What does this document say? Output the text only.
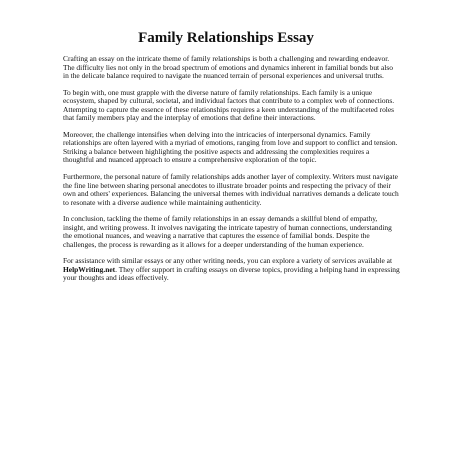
Family Relationships Essay

Crafting an essay on the intricate theme of family relationships is both a challenging and rewarding endeavor. The difficulty lies not only in the broad spectrum of emotions and dynamics inherent in familial bonds but also in the delicate balance required to navigate the nuanced terrain of personal experiences and universal truths.

To begin with, one must grapple with the diverse nature of family relationships. Each family is a unique ecosystem, shaped by cultural, societal, and individual factors that contribute to a complex web of connections. Attempting to capture the essence of these relationships requires a keen understanding of the multifaceted roles that family members play and the interplay of emotions that define their interactions.

Moreover, the challenge intensifies when delving into the intricacies of interpersonal dynamics. Family relationships are often layered with a myriad of emotions, ranging from love and support to conflict and tension. Striking a balance between highlighting the positive aspects and addressing the complexities requires a thoughtful and nuanced approach to ensure a comprehensive exploration of the topic.

Furthermore, the personal nature of family relationships adds another layer of complexity. Writers must navigate the fine line between sharing personal anecdotes to illustrate broader points and respecting the privacy of their own and others' experiences. Balancing the universal themes with individual narratives demands a delicate touch to resonate with a diverse audience while maintaining authenticity.

In conclusion, tackling the theme of family relationships in an essay demands a skillful blend of empathy, insight, and writing prowess. It involves navigating the intricate tapestry of human connections, understanding the emotional nuances, and weaving a narrative that captures the essence of familial bonds. Despite the challenges, the process is rewarding as it allows for a deeper understanding of the human experience.

For assistance with similar essays or any other writing needs, you can explore a variety of services available at HelpWriting.net. They offer support in crafting essays on diverse topics, providing a helping hand in expressing your thoughts and ideas effectively.
